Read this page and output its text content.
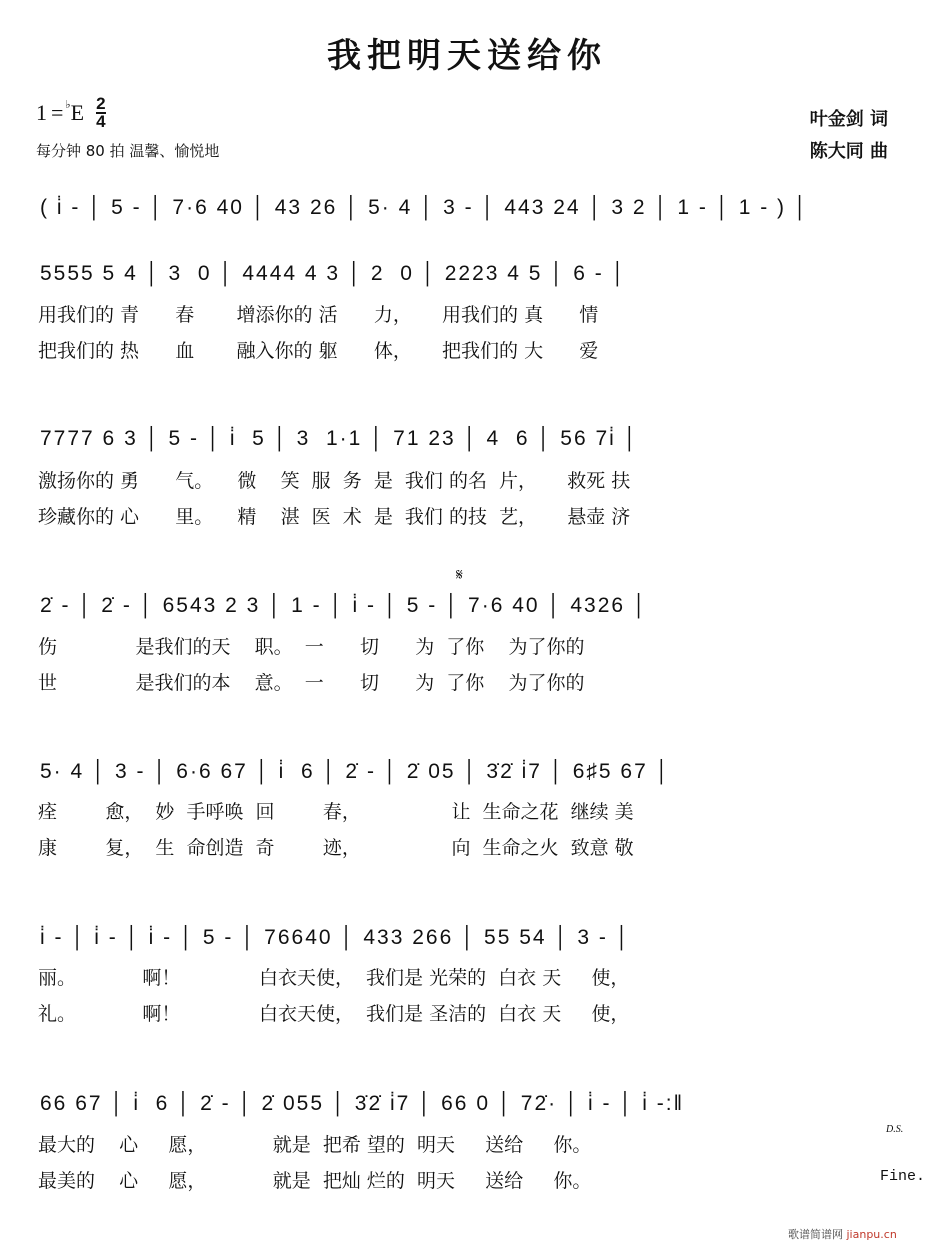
我把明天送给你
1 = ♭ E 2
4
每分钟 80 拍 温馨、愉悦地
叶金剑 词
陈大同 曲
( i̇ - │ 5 - │ 7·6 40 │ 43 26 │ 5· 4 │ 3 - │ 443 24 │ 3 2 │ 1 - │ 1 - ) │
5555 5 4 │ 3  0 │ 4444 4 3 │ 2  0 │ 2223 4 5 │ 6 - │
用我们的 青      春       增添你的 活      力，     用我们的 真      情
把我们的 热      血       融入你的 躯      体，     把我们的 大      爱
7777 6 3 │ 5 - │ i̇  5 │ 3  1·1 │ 71 23 │ 4  6 │ 56 7i̇ │
激扬你的 勇      气。    微    笑  服  务  是  我们 的名  片，     救死 扶
珍藏你的 心      里。    精    湛  医  术  是  我们 的技  艺，     悬壶 济
𝄋
2̇ - │ 2̇ - │ 6543 2 3 │ 1 - │ i̇ - │ 5 - │ 7·6 40 │ 4326 │
伤             是我们的天    职。  一      切      为  了你    为了你的
世             是我们的本    意。  一      切      为  了你    为了你的
5· 4 │ 3 - │ 6·6 67 │ i̇  6 │ 2̇ - │ 2̇ 05 │ 3̇2̇ i̇7 │ 6♯5 67 │
痊        愈，  妙  手呼唤  回        春，               让  生命之花  继续 美
康        复，  生  命创造  奇        迹，               向  生命之火  致意 敬
i̇ - │ i̇ - │ i̇ - │ 5 - │ 76640 │ 433 266 │ 55 54 │ 3 - │
丽。           啊！             白衣天使，  我们是 光荣的  白衣 天     使，
礼。           啊！             白衣天使，  我们是 圣洁的  白衣 天     使，
66 67 │ i̇  6 │ 2̇ - │ 2̇ 055 │ 3̇2̇ i̇7 │ 66 0 │ 72̇· │ i̇ - │ i̇ -:‖
最大的    心     愿，           就是  把希 望的  明天     送给     你。
最美的    心     愿，           就是  把灿 烂的  明天     送给     你。
D.S.
Fine.
歌谱简谱网 jianpu.cn
